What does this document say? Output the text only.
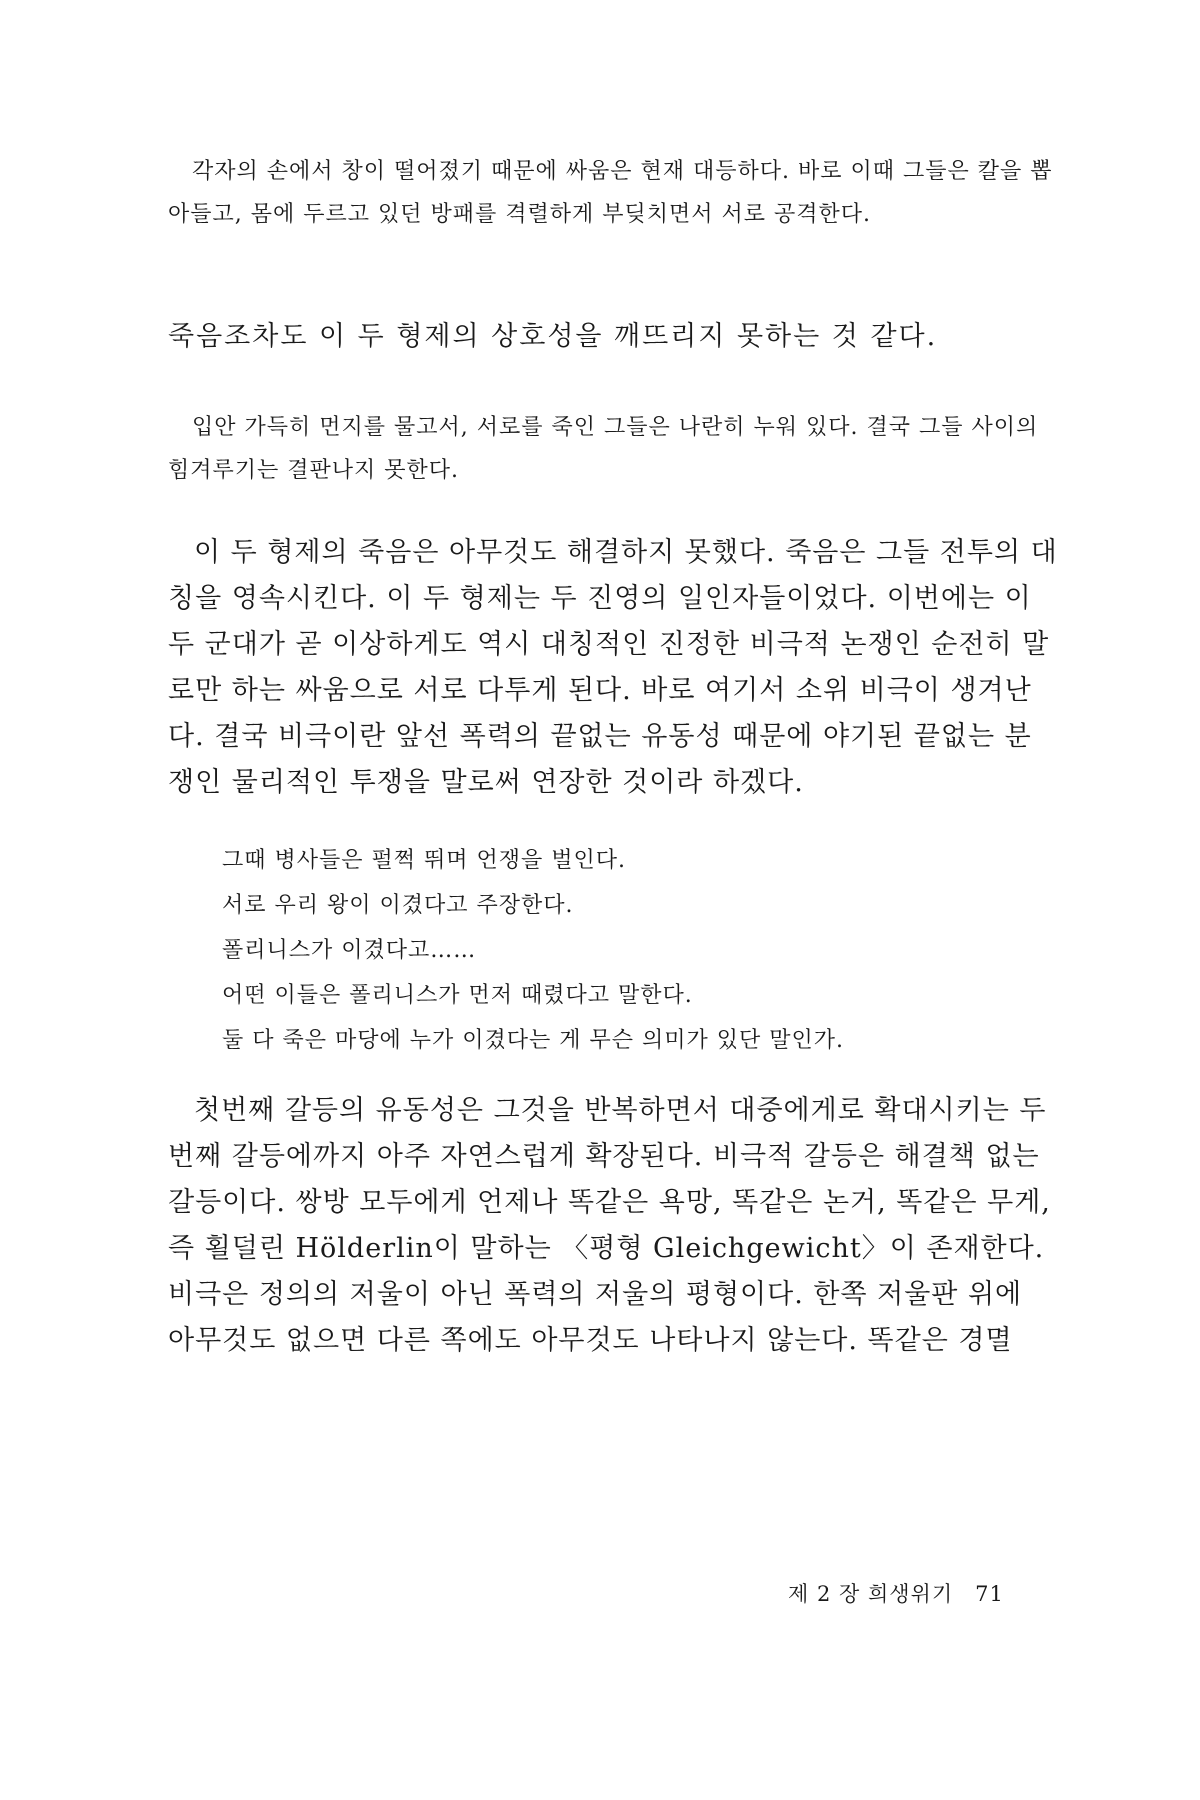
각자의 손에서 창이 떨어졌기 때문에 싸움은 현재 대등하다. 바로 이때 그들은 칼을 뽑아들고, 몸에 두르고 있던 방패를 격렬하게 부딪치면서 서로 공격한다.

죽음조차도 이 두 형제의 상호성을 깨뜨리지 못하는 것 같다.

입안 가득히 먼지를 물고서, 서로를 죽인 그들은 나란히 누워 있다. 결국 그들 사이의 힘겨루기는 결판나지 못한다.

이 두 형제의 죽음은 아무것도 해결하지 못했다. 죽음은 그들 전투의 대칭을 영속시킨다. 이 두 형제는 두 진영의 일인자들이었다. 이번에는 이 두 군대가 곧 이상하게도 역시 대칭적인 진정한 비극적 논쟁인 순전히 말로만 하는 싸움으로 서로 다투게 된다. 바로 여기서 소위 비극이 생겨난다. 결국 비극이란 앞선 폭력의 끝없는 유동성 때문에 야기된 끝없는 분쟁인 물리적인 투쟁을 말로써 연장한 것이라 하겠다.

그때 병사들은 펄쩍 뛰며 언쟁을 벌인다.
서로 우리 왕이 이겼다고 주장한다.
폴리니스가 이겼다고……
어떤 이들은 폴리니스가 먼저 때렸다고 말한다.
둘 다 죽은 마당에 누가 이겼다는 게 무슨 의미가 있단 말인가.

첫번째 갈등의 유동성은 그것을 반복하면서 대중에게로 확대시키는 두번째 갈등에까지 아주 자연스럽게 확장된다. 비극적 갈등은 해결책 없는 갈등이다. 쌍방 모두에게 언제나 똑같은 욕망, 똑같은 논거, 똑같은 무게, 즉 횔덜린 Hölderlin이 말하는 〈평형 Gleichgewicht〉이 존재한다. 비극은 정의의 저울이 아닌 폭력의 저울의 평형이다. 한쪽 저울판 위에 아무것도 없으면 다른 쪽에도 아무것도 나타나지 않는다. 똑같은 경멸

제 2 장 희생위기 71
